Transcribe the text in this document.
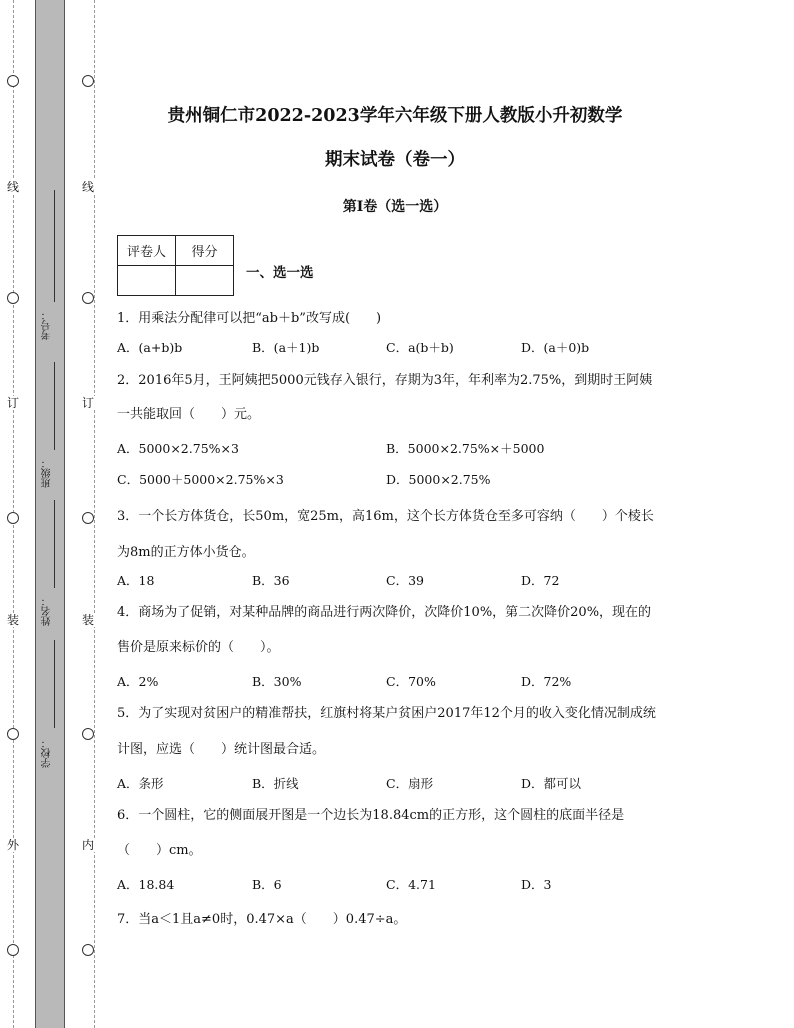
线
订
装
外
线
订
装
内
考号：
班级：
姓名：
学校：
贵州铜仁市2022-2023学年六年级下册人教版小升初数学
期末试卷（卷一）
第I卷（选一选）
评卷人	得分

一、选一选
1．用乘法分配律可以把“ab＋b”改写成(　　)
A．(a+b)b	B．(a＋1)b	C．a(b＋b)	D．(a＋0)b
2．2016年5月，王阿姨把5000元钱存入银行，存期为3年，年利率为2.75%，到期时王阿姨
一共能取回（　　）元。
A．5000×2.75%×3	B．5000×2.75%×＋5000
C．5000＋5000×2.75%×3	D．5000×2.75%
3．一个长方体货仓，长50m，宽25m，高16m，这个长方体货仓至多可容纳（　　）个棱长
为8m的正方体小货仓。
A．18	B．36	C．39	D．72
4．商场为了促销，对某种品牌的商品进行两次降价，次降价10%，第二次降价20%，现在的
售价是原来标价的（　　）。
A．2%	B．30%	C．70%	D．72%
5．为了实现对贫困户的精准帮扶，红旗村将某户贫困户2017年12个月的收入变化情况制成统
计图，应选（　　）统计图最合适。
A．条形	B．折线	C．扇形	D．都可以
6．一个圆柱，它的侧面展开图是一个边长为18.84cm的正方形，这个圆柱的底面半径是
（　　）cm。
A．18.84	B．6	C．4.71	D．3
7．当a＜1且a≠0时，0.47×a（　　）0.47÷a。
